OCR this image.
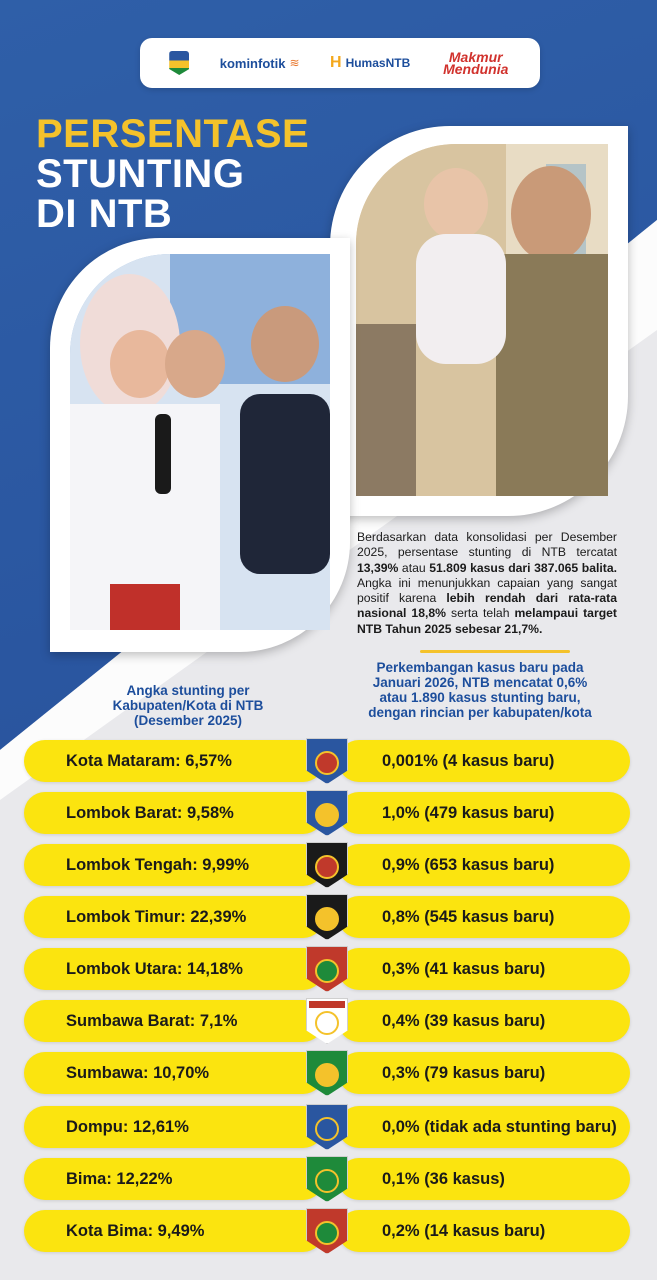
kominfotik ≋ H HumasNTB	Makmur Mendunia
PERSENTASE
STUNTING
DI NTB
Berdasarkan data konsolidasi per Desember 2025, persentase stunting di NTB tercatat 13,39% atau 51.809 kasus dari 387.065 balita. Angka ini menunjukkan capaian yang sangat positif karena lebih rendah dari rata-rata nasional 18,8% serta telah melampaui target NTB Tahun 2025 sebesar 21,7%.
Angka stunting per Kabupaten/Kota di NTB (Desember 2025)
Perkembangan kasus baru pada Januari 2026, NTB mencatat 0,6% atau 1.890 kasus stunting baru, dengan rincian per kabupaten/kota
Kota Mataram: 6,57%	0,001% (4 kasus baru)
Lombok Barat: 9,58%	1,0% (479 kasus baru)
Lombok Tengah: 9,99%	0,9% (653 kasus baru)
Lombok Timur: 22,39%	0,8% (545 kasus baru)
Lombok Utara: 14,18%	0,3% (41 kasus baru)
Sumbawa Barat: 7,1%	0,4% (39 kasus baru)
Sumbawa: 10,70%	0,3% (79 kasus baru)
Dompu: 12,61%	0,0% (tidak ada stunting baru)
Bima: 12,22%	0,1% (36 kasus)
Kota Bima: 9,49%	0,2% (14 kasus baru)
